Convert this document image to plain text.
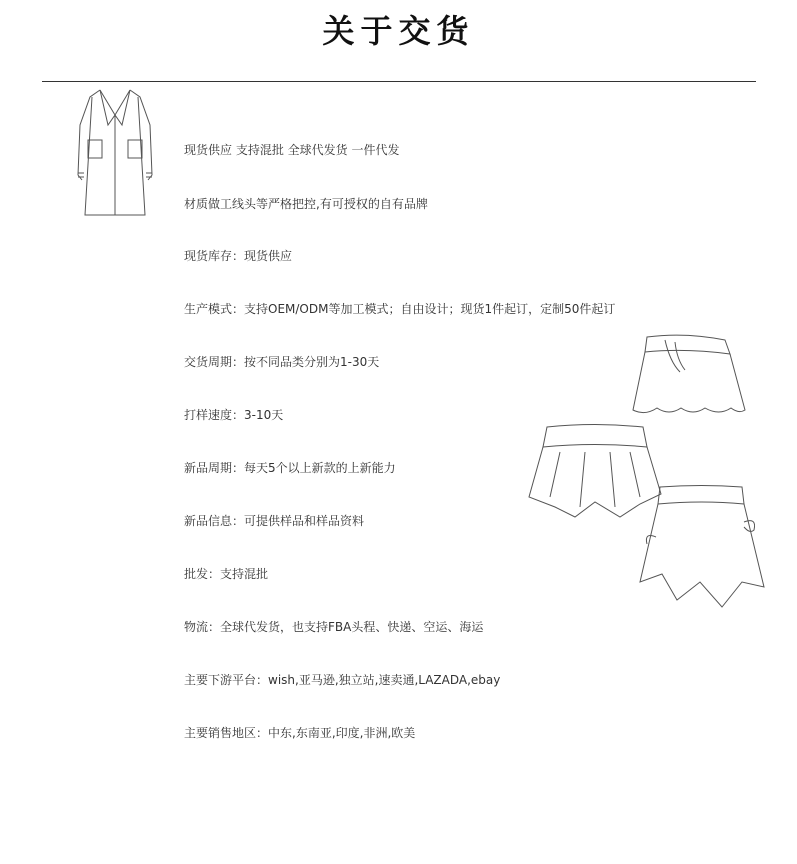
关于交货
现货供应 支持混批 全球代发货 一件代发
材质做工线头等严格把控,有可授权的自有品牌
现货库存：现货供应
生产模式：支持OEM/ODM等加工模式；自由设计；现货1件起订，定制50件起订
交货周期：按不同品类分别为1-30天
打样速度：3-10天
新品周期：每天5个以上新款的上新能力
新品信息：可提供样品和样品资料
批发：支持混批
物流：全球代发货，也支持FBA头程、快递、空运、海运
主要下游平台：wish,亚马逊,独立站,速卖通,LAZADA,ebay
主要销售地区：中东,东南亚,印度,非洲,欧美
